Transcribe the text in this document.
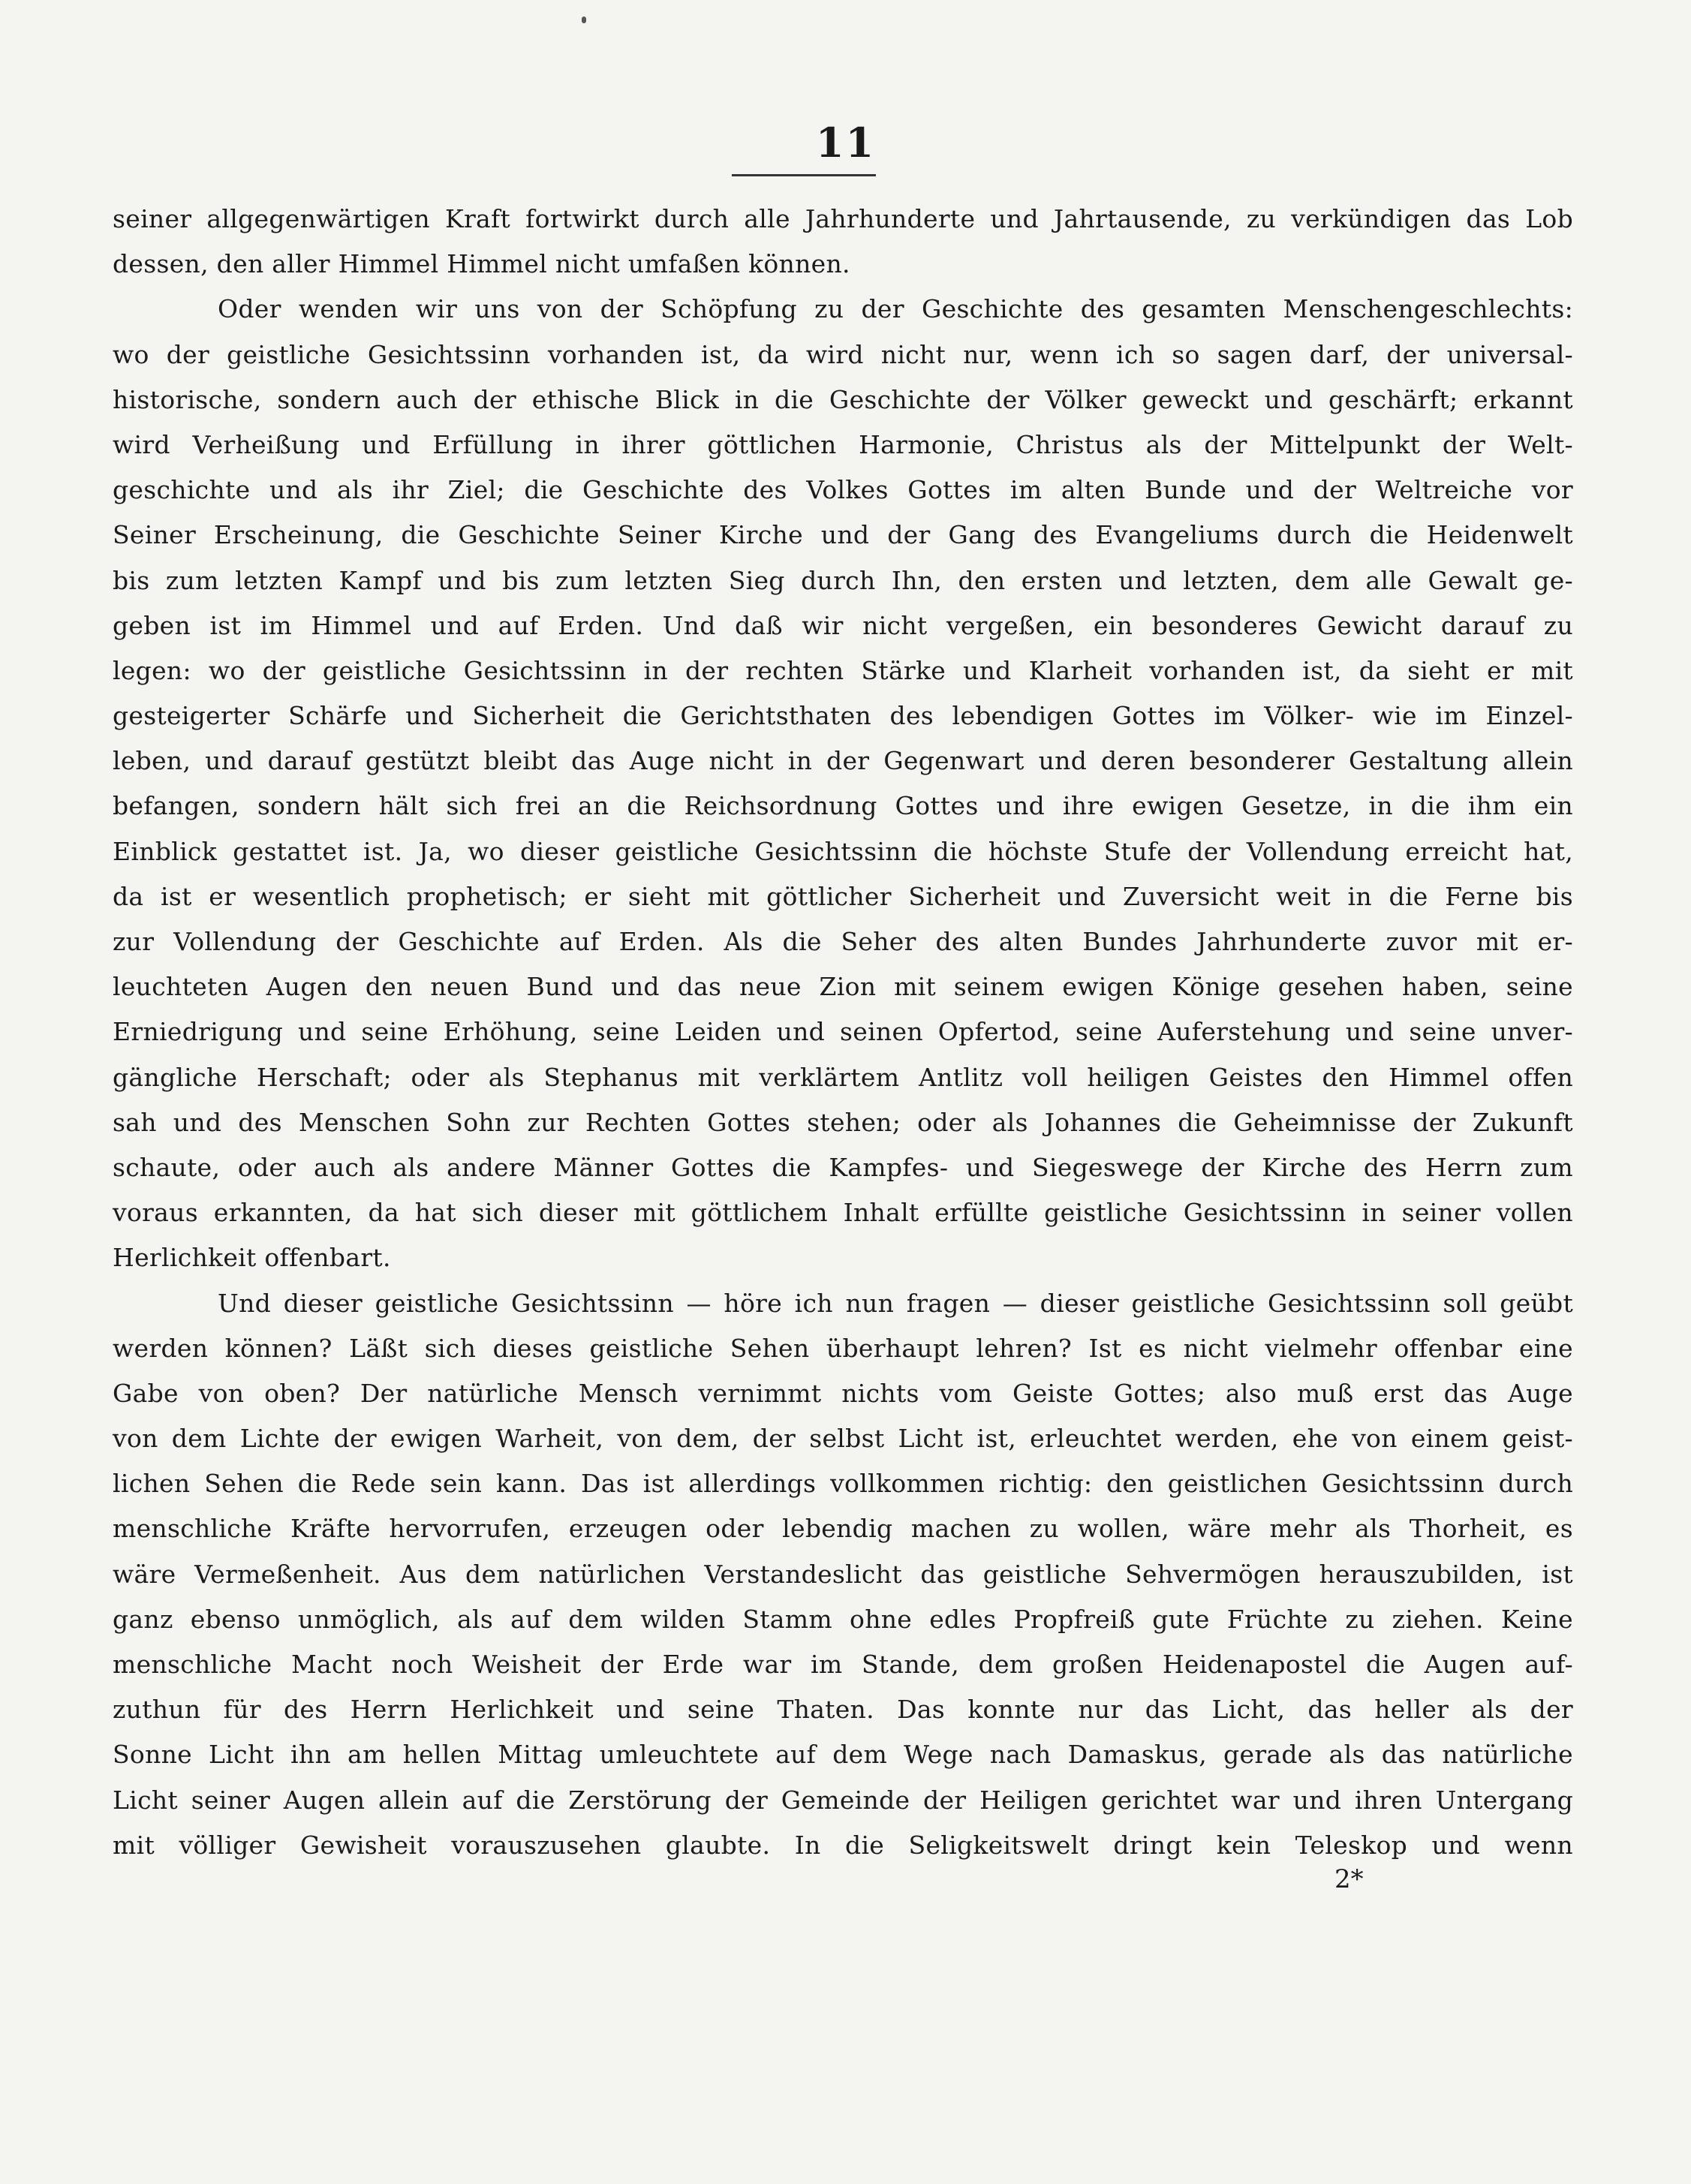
11
seiner allgegenwärtigen Kraft fortwirkt durch alle Jahrhunderte und Jahrtausende, zu verkündigen das Lob
dessen, den aller Himmel Himmel nicht umfaßen können.
Oder wenden wir uns von der Schöpfung zu der Geschichte des gesamten Menschengeschlechts:
wo der geistliche Gesichtssinn vorhanden ist, da wird nicht nur, wenn ich so sagen darf, der universal-
historische, sondern auch der ethische Blick in die Geschichte der Völker geweckt und geschärft; erkannt
wird Verheißung und Erfüllung in ihrer göttlichen Harmonie, Christus als der Mittelpunkt der Welt-
geschichte und als ihr Ziel; die Geschichte des Volkes Gottes im alten Bunde und der Weltreiche vor
Seiner Erscheinung, die Geschichte Seiner Kirche und der Gang des Evangeliums durch die Heidenwelt
bis zum letzten Kampf und bis zum letzten Sieg durch Ihn, den ersten und letzten, dem alle Gewalt ge-
geben ist im Himmel und auf Erden. Und daß wir nicht vergeßen, ein besonderes Gewicht darauf zu
legen: wo der geistliche Gesichtssinn in der rechten Stärke und Klarheit vorhanden ist, da sieht er mit
gesteigerter Schärfe und Sicherheit die Gerichtsthaten des lebendigen Gottes im Völker- wie im Einzel-
leben, und darauf gestützt bleibt das Auge nicht in der Gegenwart und deren besonderer Gestaltung allein
befangen, sondern hält sich frei an die Reichsordnung Gottes und ihre ewigen Gesetze, in die ihm ein
Einblick gestattet ist. Ja, wo dieser geistliche Gesichtssinn die höchste Stufe der Vollendung erreicht hat,
da ist er wesentlich prophetisch; er sieht mit göttlicher Sicherheit und Zuversicht weit in die Ferne bis
zur Vollendung der Geschichte auf Erden. Als die Seher des alten Bundes Jahrhunderte zuvor mit er-
leuchteten Augen den neuen Bund und das neue Zion mit seinem ewigen Könige gesehen haben, seine
Erniedrigung und seine Erhöhung, seine Leiden und seinen Opfertod, seine Auferstehung und seine unver-
gängliche Herschaft; oder als Stephanus mit verklärtem Antlitz voll heiligen Geistes den Himmel offen
sah und des Menschen Sohn zur Rechten Gottes stehen; oder als Johannes die Geheimnisse der Zukunft
schaute, oder auch als andere Männer Gottes die Kampfes- und Siegeswege der Kirche des Herrn zum
voraus erkannten, da hat sich dieser mit göttlichem Inhalt erfüllte geistliche Gesichtssinn in seiner vollen
Herlichkeit offenbart.
Und dieser geistliche Gesichtssinn — höre ich nun fragen — dieser geistliche Gesichtssinn soll geübt
werden können? Läßt sich dieses geistliche Sehen überhaupt lehren? Ist es nicht vielmehr offenbar eine
Gabe von oben? Der natürliche Mensch vernimmt nichts vom Geiste Gottes; also muß erst das Auge
von dem Lichte der ewigen Warheit, von dem, der selbst Licht ist, erleuchtet werden, ehe von einem geist-
lichen Sehen die Rede sein kann. Das ist allerdings vollkommen richtig: den geistlichen Gesichtssinn durch
menschliche Kräfte hervorrufen, erzeugen oder lebendig machen zu wollen, wäre mehr als Thorheit, es
wäre Vermeßenheit. Aus dem natürlichen Verstandeslicht das geistliche Sehvermögen herauszubilden, ist
ganz ebenso unmöglich, als auf dem wilden Stamm ohne edles Propfreiß gute Früchte zu ziehen. Keine
menschliche Macht noch Weisheit der Erde war im Stande, dem großen Heidenapostel die Augen auf-
zuthun für des Herrn Herlichkeit und seine Thaten. Das konnte nur das Licht, das heller als der
Sonne Licht ihn am hellen Mittag umleuchtete auf dem Wege nach Damaskus, gerade als das natürliche
Licht seiner Augen allein auf die Zerstörung der Gemeinde der Heiligen gerichtet war und ihren Untergang
mit völliger Gewisheit vorauszusehen glaubte. In die Seligkeitswelt dringt kein Teleskop und wenn
2*
